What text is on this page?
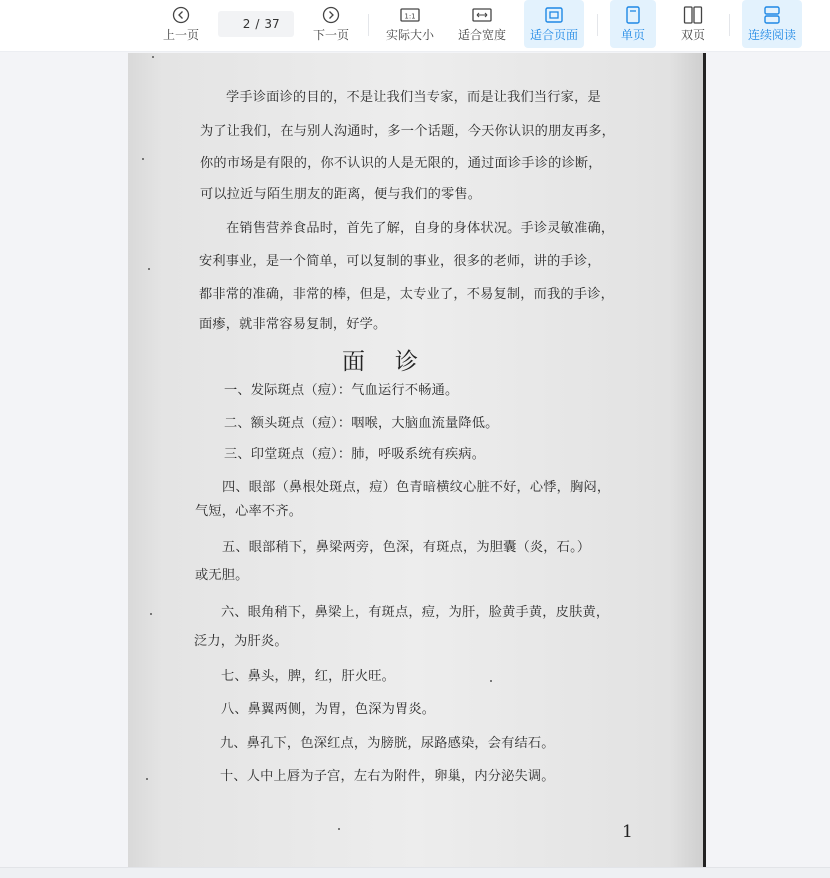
上一页
2
/ 37
下一页
1:1
实际大小 适合宽度 适合页面	单页	双页	连续阅读
学手诊面诊的目的，不是让我们当专家，而是让我们当行家，是
为了让我们，在与别人沟通时，多一个话题，今天你认识的朋友再多，
你的市场是有限的，你不认识的人是无限的，通过面诊手诊的诊断，
可以拉近与陌生朋友的距离，便与我们的零售。
在销售营养食品时，首先了解，自身的身体状况。手诊灵敏准确，
安利事业，是一个简单，可以复制的事业，很多的老师，讲的手诊，
都非常的准确，非常的棒，但是，太专业了，不易复制，而我的手诊，
面瘆，就非常容易复制，好学。
面诊
一、发际斑点（痘）：气血运行不畅通。
二、额头斑点（痘）：咽喉，大脑血流量降低。
三、印堂斑点（痘）：肺，呼吸系统有疾病。
四、眼部（鼻根处斑点，痘）色青暗横纹心脏不好，心悸，胸闷，
气短，心率不齐。
五、眼部稍下，鼻梁两旁，色深，有斑点，为胆囊（炎，石。）
或无胆。
六、眼角稍下，鼻梁上，有斑点，痘，为肝，脸黄手黄，皮肤黄，
泛力，为肝炎。
七、鼻头，脾，红，肝火旺。
八、鼻翼两侧，为胃，色深为胃炎。
九、鼻孔下，色深红点，为膀胱，尿路感染，会有结石。
十、人中上唇为子宫，左右为附件，卵巢，内分泌失调。
1
